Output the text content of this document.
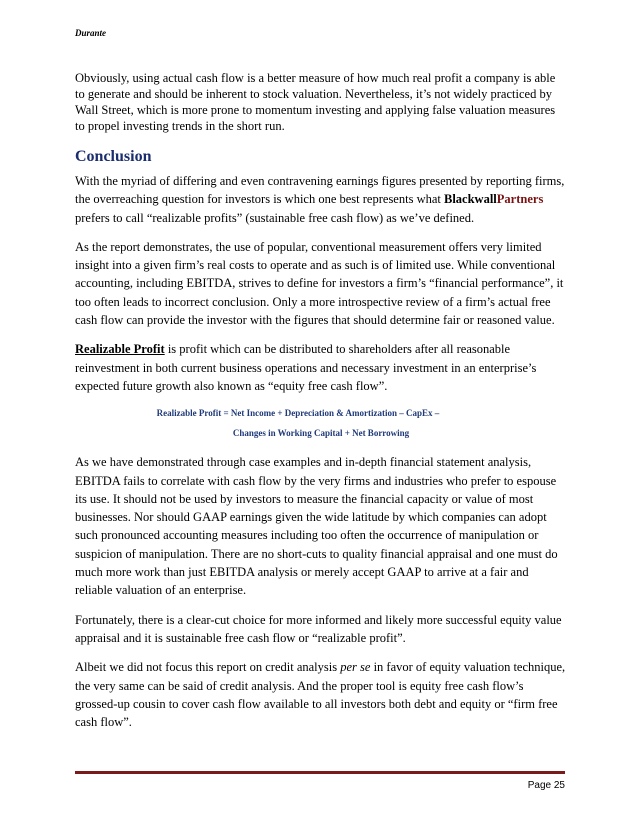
Durante

Obviously, using actual cash flow is a better measure of how much real profit a company is able to generate and should be inherent to stock valuation. Nevertheless, it’s not widely practiced by Wall Street, which is more prone to momentum investing and applying false valuation measures to propel investing trends in the short run.

Conclusion

With the myriad of differing and even contravening earnings figures presented by reporting firms, the overreaching question for investors is which one best represents what BlackwallPartners prefers to call “realizable profits” (sustainable free cash flow) as we’ve defined.

As the report demonstrates, the use of popular, conventional measurement offers very limited insight into a given firm’s real costs to operate and as such is of limited use. While conventional accounting, including EBITDA, strives to define for investors a firm’s “financial performance”, it too often leads to incorrect conclusion. Only a more introspective review of a firm’s actual free cash flow can provide the investor with the figures that should determine fair or reasoned value.

Realizable Profit is profit which can be distributed to shareholders after all reasonable reinvestment in both current business operations and necessary investment in an enterprise’s expected future growth also known as “equity free cash flow”.

Realizable Profit = Net Income + Depreciation & Amortization – CapEx –
Changes in Working Capital + Net Borrowing

As we have demonstrated through case examples and in-depth financial statement analysis, EBITDA fails to correlate with cash flow by the very firms and industries who prefer to espouse its use. It should not be used by investors to measure the financial capacity or value of most businesses. Nor should GAAP earnings given the wide latitude by which companies can adopt such pronounced accounting measures including too often the occurrence of manipulation or suspicion of manipulation. There are no short-cuts to quality financial appraisal and one must do much more work than just EBITDA analysis or merely accept GAAP to arrive at a fair and reliable valuation of an enterprise.

Fortunately, there is a clear-cut choice for more informed and likely more successful equity value appraisal and it is sustainable free cash flow or “realizable profit”.

Albeit we did not focus this report on credit analysis per se in favor of equity valuation technique, the very same can be said of credit analysis. And the proper tool is equity free cash flow’s grossed-up cousin to cover cash flow available to all investors both debt and equity or “firm free cash flow”.

Page 25
